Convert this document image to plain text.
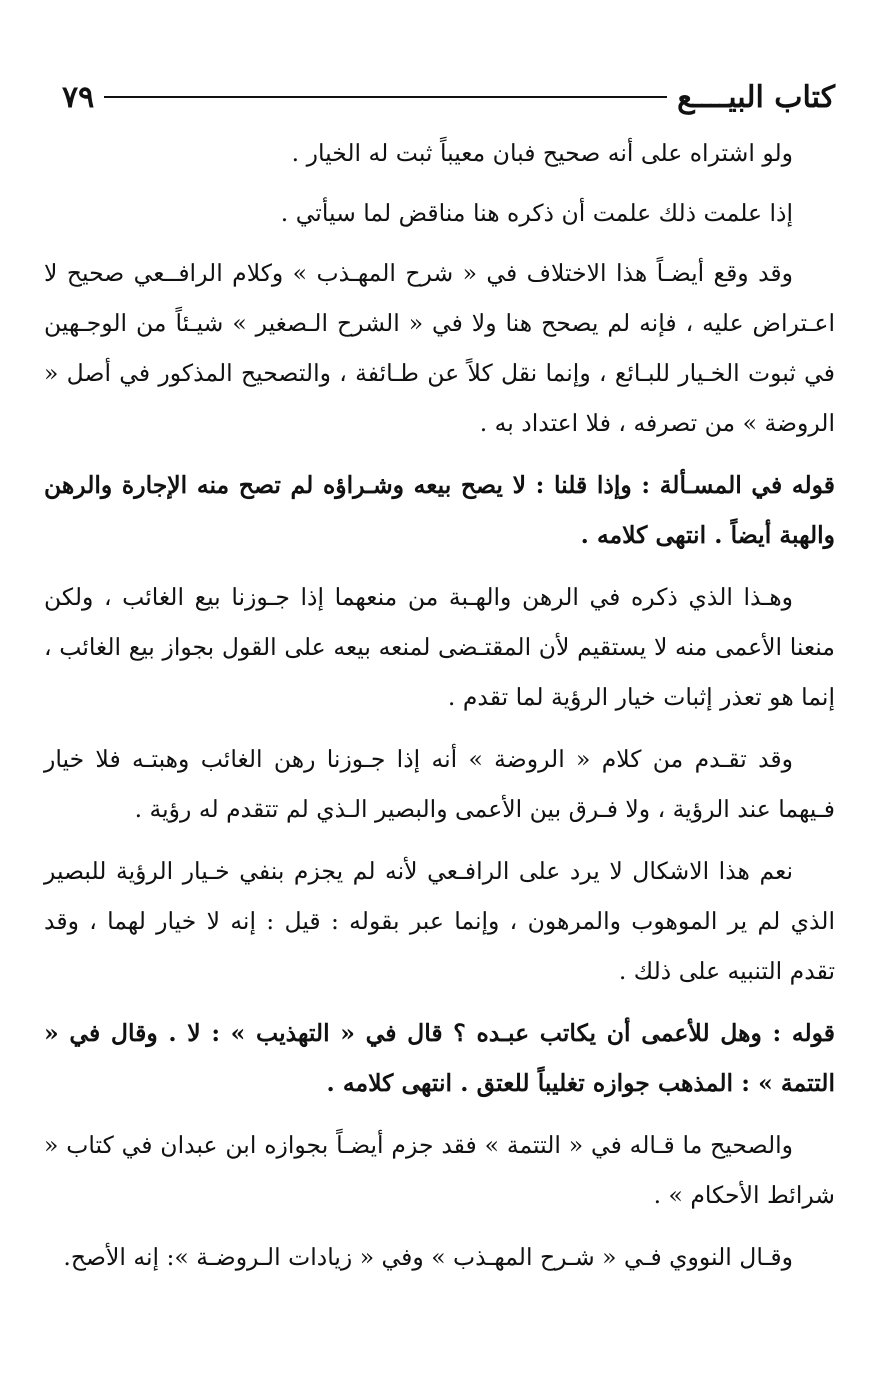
كتاب البيــــع
٧٩

ولو اشتراه على أنه صحيح فبان معيباً ثبت له الخيار .

إذا علمت ذلك علمت أن ذكره هنا مناقض لما سيأتي .

وقد وقع أيضـاً هذا الاختلاف في « شرح المهـذب » وكلام الرافــعي صحيح لا اعـتراض عليه ، فإنه لم يصحح هنا ولا في « الشرح الـصغير » شيـئاً من الوجـهين في ثبوت الخـيار للبـائع ، وإنما نقل كلاً عن طـائفة ، والتصحيح المذكور في أصل « الروضة » من تصرفه ، فلا اعتداد به .

قوله في المسـألة : وإذا قلنا : لا يصح بيعه وشـراؤه لم تصح منه الإجارة والرهن والهبة أيضاً . انتهى كلامه .

وهـذا الذي ذكره في الرهن والهـبة من منعهما إذا جـوزنا بيع الغائب ، ولكن منعنا الأعمى منه لا يستقيم لأن المقتـضى لمنعه بيعه على القول بجواز بيع الغائب ، إنما هو تعذر إثبات خيار الرؤية لما تقدم .

وقد تقـدم من كلام « الروضة » أنه إذا جـوزنا رهن الغائب وهبتـه فلا خيار فـيهما عند الرؤية ، ولا فـرق بين الأعمى والبصير الـذي لم تتقدم له رؤية .

نعم هذا الاشكال لا يرد على الرافـعي لأنه لم يجزم بنفي خـيار الرؤية للبصير الذي لم ير الموهوب والمرهون ، وإنما عبر بقوله : قيل : إنه لا خيار لهما ، وقد تقدم التنبيه على ذلك .

قوله : وهل للأعمى أن يكاتب عبـده ؟ قال في « التهذيب » : لا . وقال في « التتمة » : المذهب جوازه تغليباً للعتق . انتهى كلامه .

والصحيح ما قـاله في « التتمة » فقد جزم أيضـاً بجوازه ابن عبدان في كتاب « شرائط الأحكام » .

وقـال النووي فـي « شـرح المهـذب » وفي « زيادات الـروضـة »: إنه الأصح.
